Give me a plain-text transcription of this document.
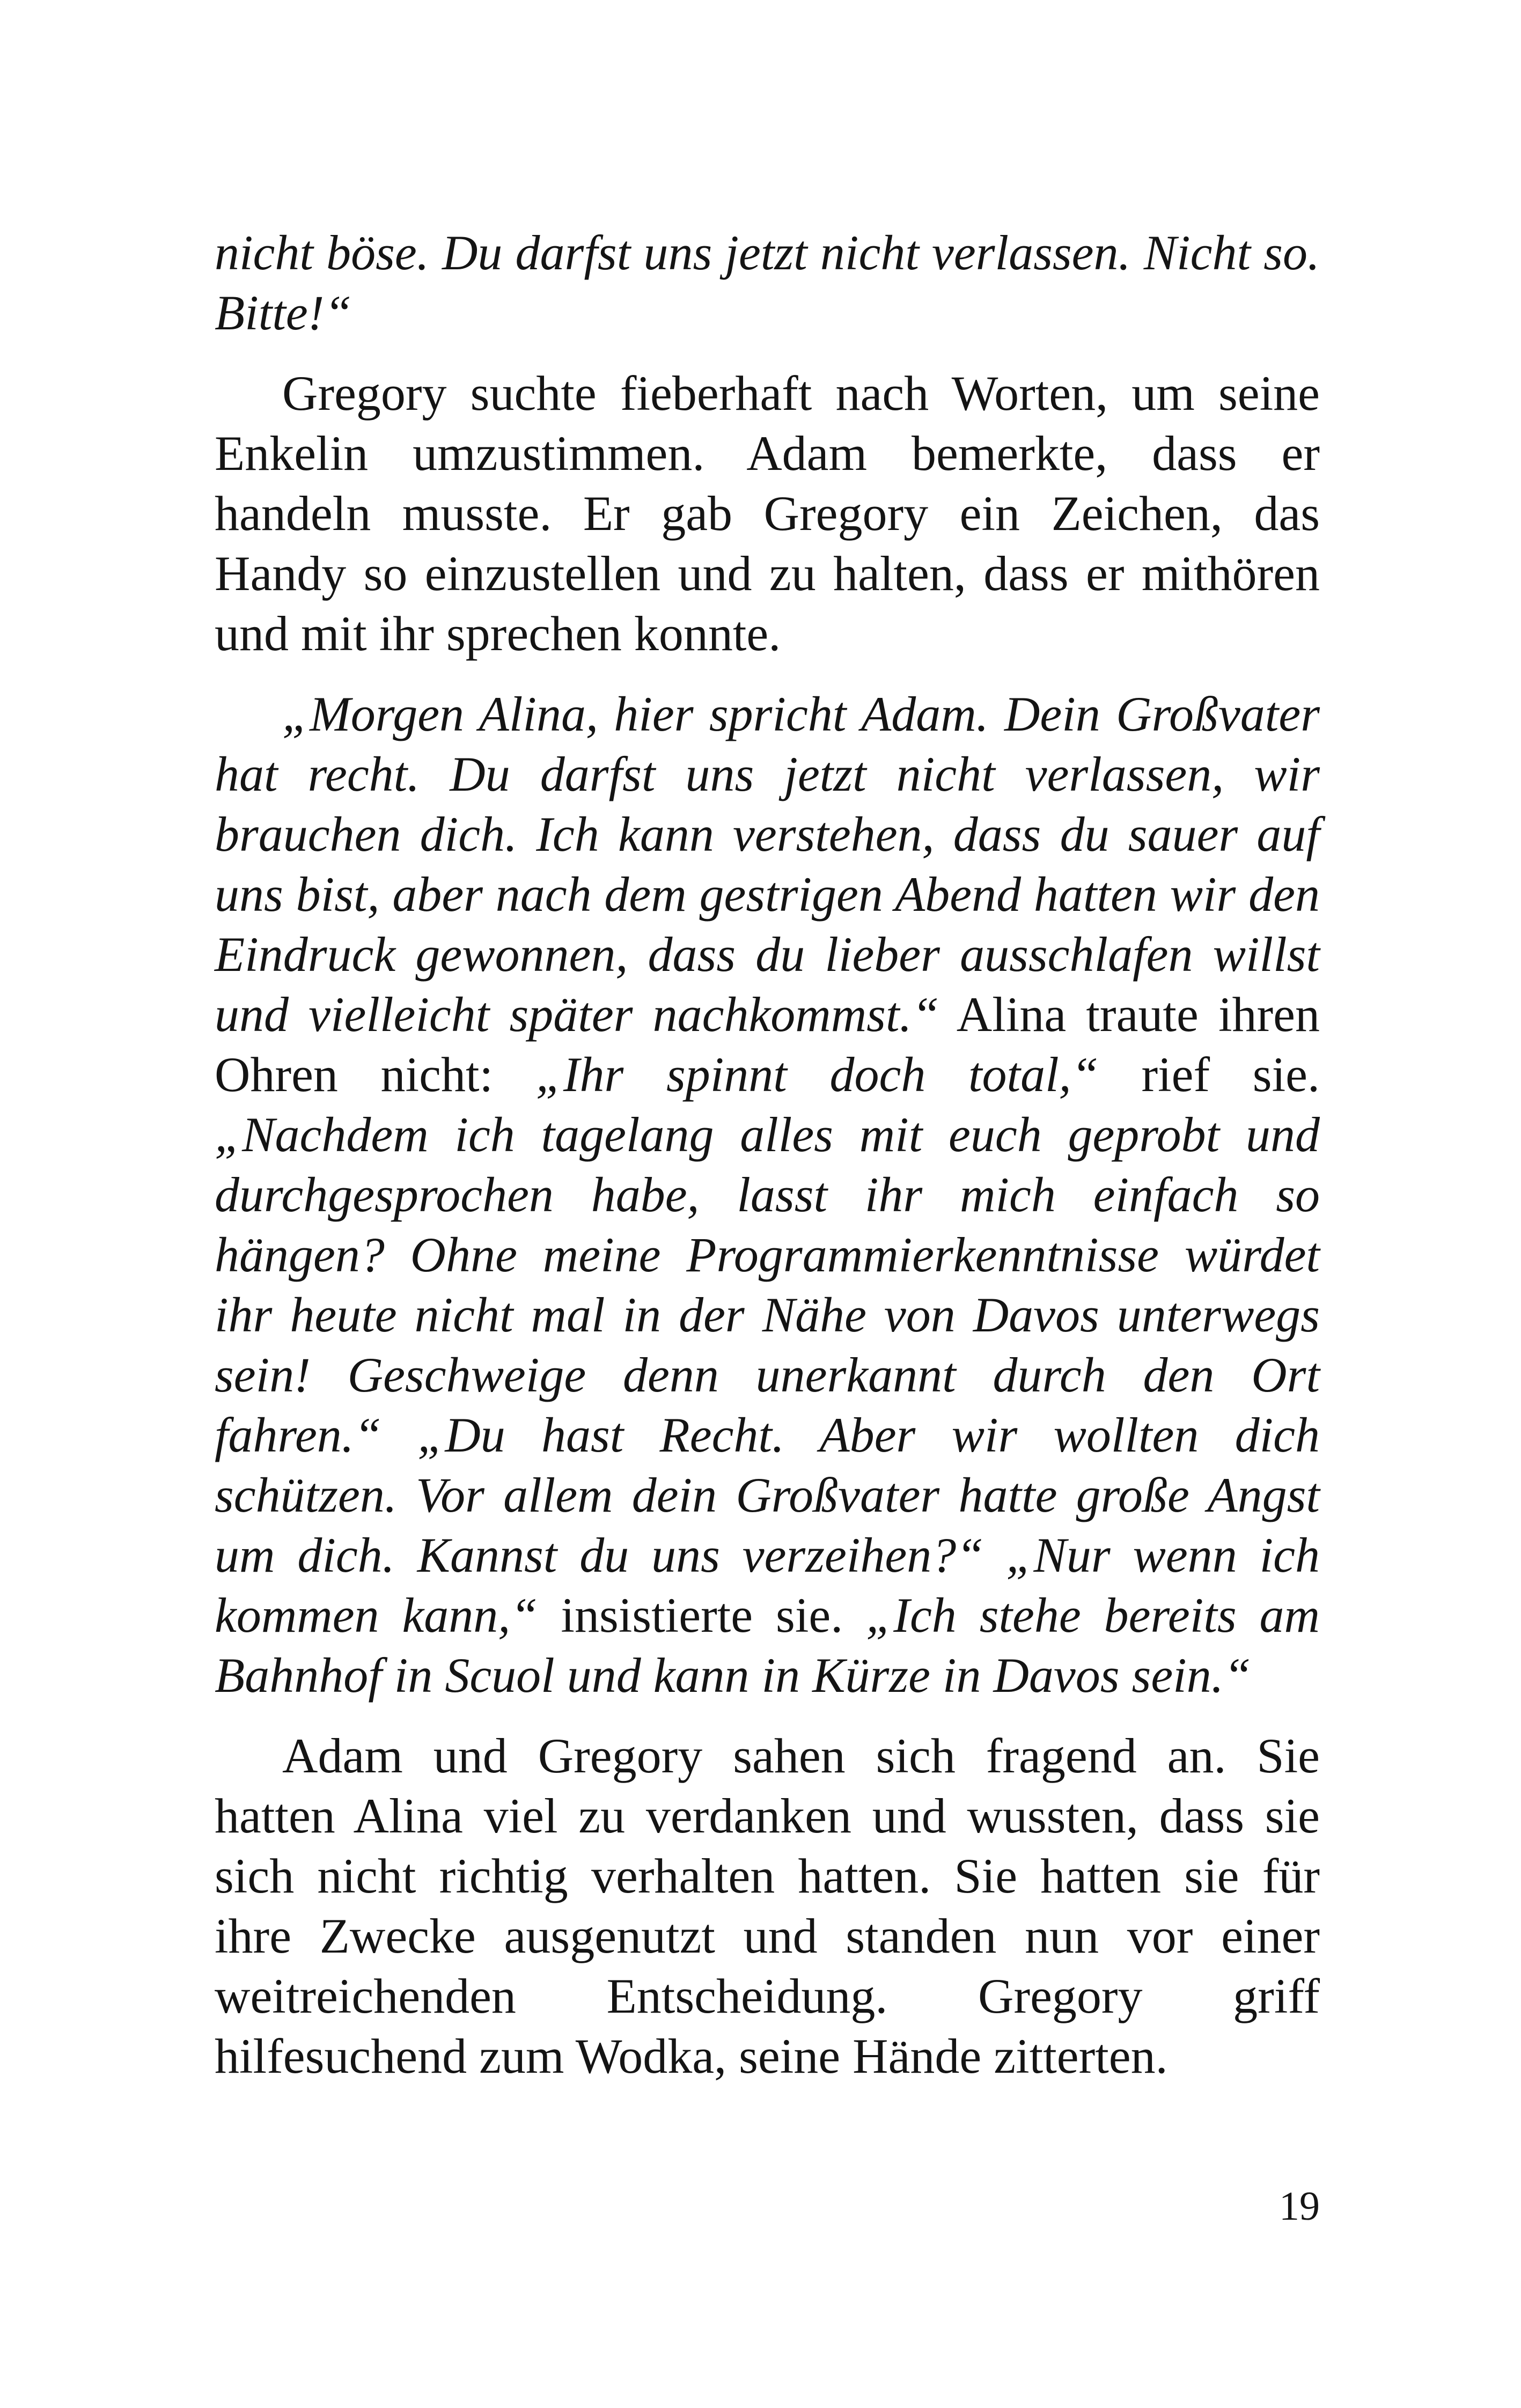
nicht böse. Du darfst uns jetzt nicht verlassen. Nicht so. Bitte!“

Gregory suchte fieberhaft nach Worten, um seine Enkelin umzustimmen. Adam bemerkte, dass er handeln musste. Er gab Gregory ein Zeichen, das Handy so einzustellen und zu halten, dass er mithören und mit ihr sprechen konnte.

„Morgen Alina, hier spricht Adam. Dein Großvater hat recht. Du darfst uns jetzt nicht verlassen, wir brauchen dich. Ich kann verstehen, dass du sauer auf uns bist, aber nach dem gestrigen Abend hatten wir den Eindruck gewonnen, dass du lieber ausschlafen willst und vielleicht später nachkommst.“ Alina traute ihren Ohren nicht: „Ihr spinnt doch total,“ rief sie. „Nachdem ich tagelang alles mit euch geprobt und durchgesprochen habe, lasst ihr mich einfach so hängen? Ohne meine Programmierkenntnisse würdet ihr heute nicht mal in der Nähe von Davos unterwegs sein! Geschweige denn unerkannt durch den Ort fahren.“ „Du hast Recht. Aber wir wollten dich schützen. Vor allem dein Großvater hatte große Angst um dich. Kannst du uns verzeihen?“ „Nur wenn ich kommen kann,“ insistierte sie. „Ich stehe bereits am Bahnhof in Scuol und kann in Kürze in Davos sein.“

Adam und Gregory sahen sich fragend an. Sie hatten Alina viel zu verdanken und wussten, dass sie sich nicht richtig verhalten hatten. Sie hatten sie für ihre Zwecke ausgenutzt und standen nun vor einer weitreichenden Entscheidung. Gregory griff hilfesuchend zum Wodka, seine Hände zitterten.

19
